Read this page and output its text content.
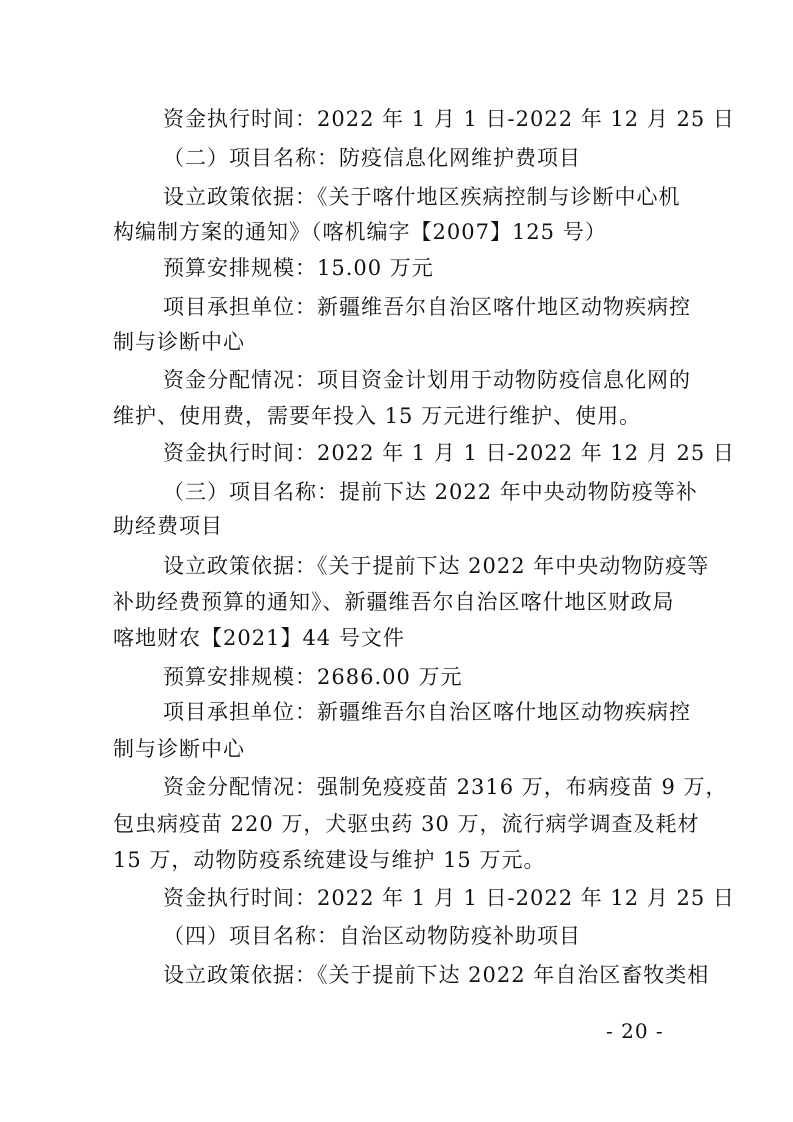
资金执行时间：2022 年 1 月 1 日-2022 年 12 月 25 日
（二）项目名称：防疫信息化网维护费项目
设立政策依据：《关于喀什地区疾病控制与诊断中心机
构编制方案的通知》（喀机编字【2007】125 号）
预算安排规模：15.00 万元
项目承担单位：新疆维吾尔自治区喀什地区动物疾病控
制与诊断中心
资金分配情况：项目资金计划用于动物防疫信息化网的
维护、使用费，需要年投入 15 万元进行维护、使用。
资金执行时间：2022 年 1 月 1 日-2022 年 12 月 25 日
（三）项目名称：提前下达 2022 年中央动物防疫等补
助经费项目
设立政策依据：《关于提前下达 2022 年中央动物防疫等
补助经费预算的通知》、新疆维吾尔自治区喀什地区财政局
喀地财农【2021】44 号文件
预算安排规模：2686.00 万元
项目承担单位：新疆维吾尔自治区喀什地区动物疾病控
制与诊断中心
资金分配情况：强制免疫疫苗 2316 万，布病疫苗 9 万，
包虫病疫苗 220 万，犬驱虫药 30 万，流行病学调查及耗材
15 万，动物防疫系统建设与维护 15 万元。
资金执行时间：2022 年 1 月 1 日-2022 年 12 月 25 日
（四）项目名称：自治区动物防疫补助项目
设立政策依据：《关于提前下达 2022 年自治区畜牧类相
- 20 -
